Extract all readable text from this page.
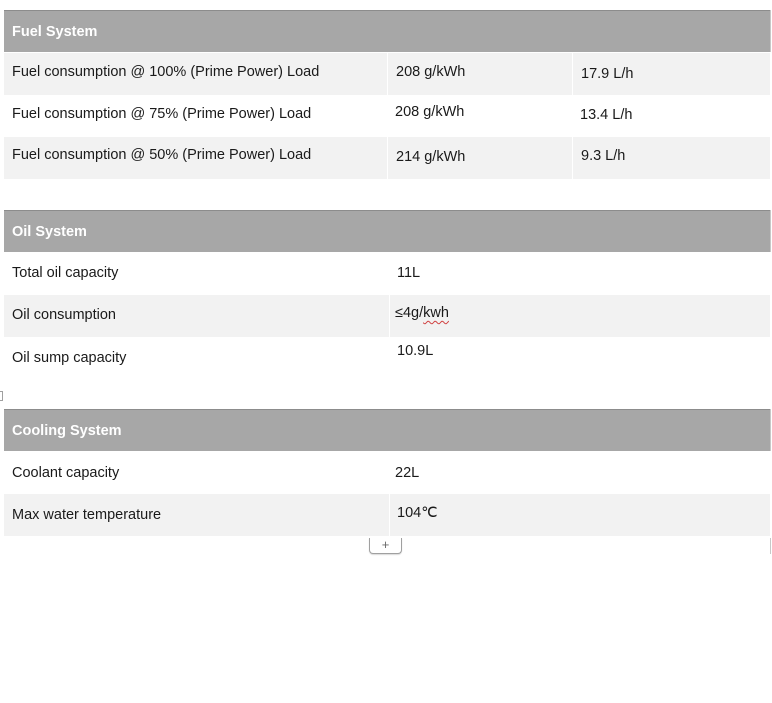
Fuel System
Fuel consumption @ 100% (Prime Power) Load	208 g/kWh	17.9 L/h
Fuel consumption @ 75% (Prime Power) Load	208 g/kWh	13.4 L/h
Fuel consumption @ 50% (Prime Power) Load	214 g/kWh	9.3 L/h
Oil System
Total oil capacity	11L
Oil consumption	≤4g/kwh
Oil sump capacity	10.9L
Cooling System
Coolant capacity	22L
Max water temperature	104℃
+
